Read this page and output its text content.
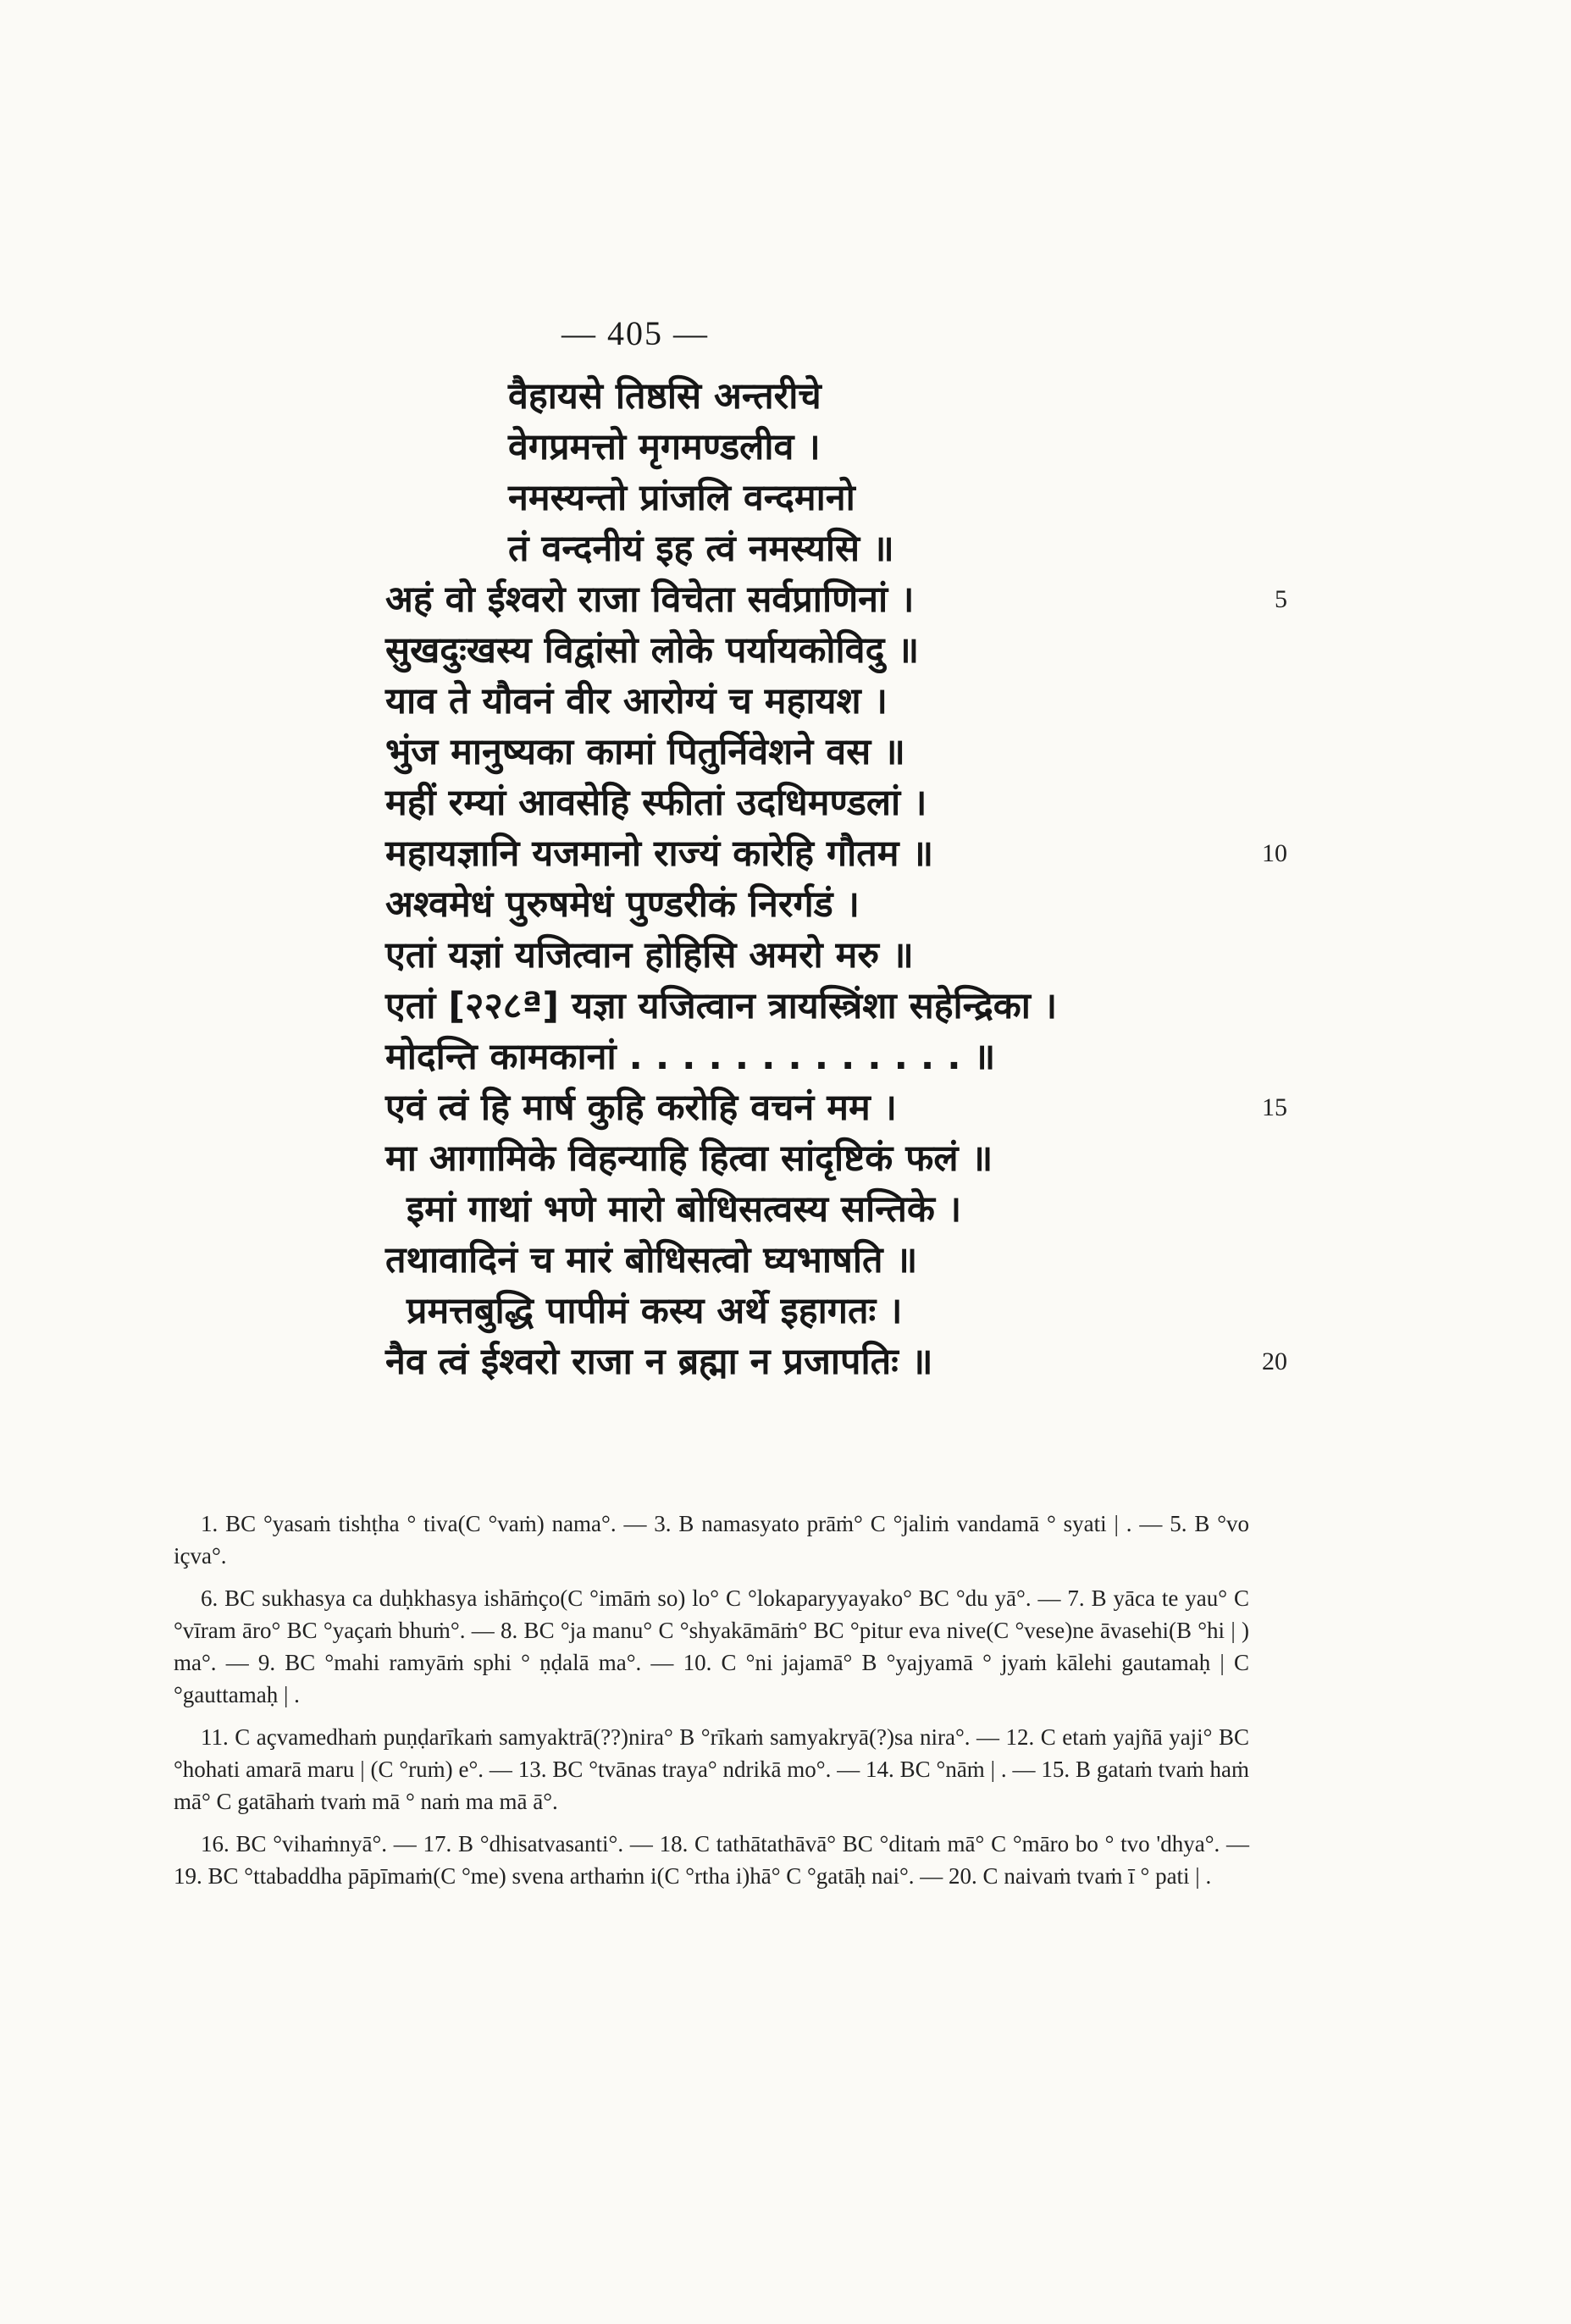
— 405 —
वैहायसे तिष्ठसि अन्तरीचे
वेगप्रमत्तो मृगमण्डलीव ।
नमस्यन्तो प्रांजलि वन्दमानो
तं वन्दनीयं इह त्वं नमस्यसि ॥
अहं वो ईश्वरो राजा विचेता सर्वप्राणिनां ।	5
सुखदुःखस्य विद्वांसो लोके पर्यायकोविदु ॥
याव ते यौवनं वीर आरोग्यं च महायश ।
भुंज मानुष्यका कामां पितुर्निवेशने वस ॥
महीं रम्यां आवसेहि स्फीतां उदधिमण्डलां ।
महायज्ञानि यजमानो राज्यं कारेहि गौतम ॥	10
अश्वमेधं पुरुषमेधं पुण्डरीकं निरर्गडं ।
एतां यज्ञां यजित्वान होहिसि अमरो मरु ॥
एतां [२२८ª] यज्ञा यजित्वान त्रायस्त्रिंशा सहेन्द्रिका ।
मोदन्ति कामकानां . . . . . . . . . . . . . ॥
एवं त्वं हि मार्ष कुहि करोहि वचनं मम ।	15
मा आगामिके विहन्याहि हित्वा सांदृष्टिकं फलं ॥
इमां गाथां भणे मारो बोधिसत्वस्य सन्तिके ।
तथावादिनं च मारं बोधिसत्वो घ्यभाषति ॥
प्रमत्तबुद्धि पापीमं कस्य अर्थे इहागतः ।
नैव त्वं ईश्वरो राजा न ब्रह्मा न प्रजापतिः ॥	20

1. BC °yasaṁ tishṭha ° tiva(C °vaṁ) nama°. — 3. B namasyato prāṁ° C °jaliṁ vandamā ° syati | . — 5. B °vo içva°.

6. BC sukhasya ca duḥkhasya ishāṁço(C °imāṁ so) lo° C °lokaparyyayako° BC °du yā°. — 7. B yāca te yau° C °vīram āro° BC °yaçaṁ bhuṁ°. — 8. BC °ja manu° C °shyakāmāṁ° BC °pitur eva nive(C °vese)ne āvasehi(B °hi | ) ma°. — 9. BC °mahi ramyāṁ sphi ° ṇḍalā ma°. — 10. C °ni jajamā° B °yajyamā ° jyaṁ kālehi gautamaḥ | C °gauttamaḥ | .

11. C açvamedhaṁ puṇḍarīkaṁ samyaktrā(??)nira° B °rīkaṁ samyakryā(?)sa nira°. — 12. C etaṁ yajñā yaji° BC °hohati amarā maru | (C °ruṁ) e°. — 13. BC °tvānas traya° ndrikā mo°. — 14. BC °nāṁ | . — 15. B gataṁ tvaṁ haṁ mā° C gatāhaṁ tvaṁ mā ° naṁ ma mā ā°.

16. BC °vihaṁnyā°. — 17. B °dhisatvasanti°. — 18. C tathātathāvā° BC °ditaṁ mā° C °māro bo ° tvo 'dhya°. — 19. BC °ttabaddha pāpīmaṁ(C °me) svena arthaṁn i(C °rtha i)hā° C °gatāḥ nai°. — 20. C naivaṁ tvaṁ ī ° pati | .
